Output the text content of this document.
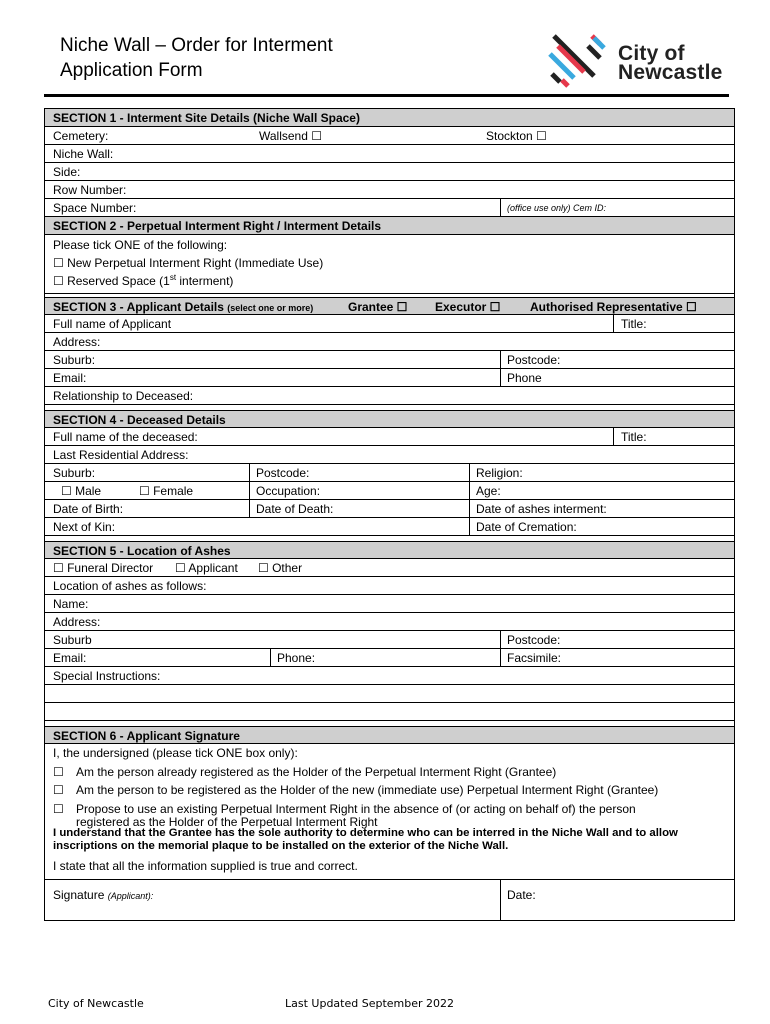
Niche Wall – Order for Interment
Application Form
City of
Newcastle
SECTION 1 - Interment Site Details (Niche Wall Space)
Cemetery:	Wallsend ☐	Stockton ☐
Niche Wall:
Side:
Row Number:
Space Number:	(office use only) Cem ID:
SECTION 2 - Perpetual Interment Right / Interment Details
Please tick ONE of the following:
☐ New Perpetual Interment Right (Immediate Use)
☐ Reserved Space (1st interment)
SECTION 3 - Applicant Details (select one or more)	Grantee ☐ Executor ☐ Authorised Representative ☐
Full name of Applicant	Title:
Address:
Suburb:	Postcode:
Email:	Phone
Relationship to Deceased:
SECTION 4 - Deceased Details
Full name of the deceased:	Title:
Last Residential Address:
Suburb:	Postcode:	Religion:
☐ Male	☐ Female	Occupation:	Age:
Date of Birth:	Date of Death:	Date of ashes interment:
Next of Kin:	Date of Cremation:
SECTION 5 - Location of Ashes
☐ Funeral Director ☐ Applicant ☐ Other
Location of ashes as follows:
Name:
Address:
Suburb	Postcode:
Email:	Phone:	Facsimile:
Special Instructions:
SECTION 6 - Applicant Signature
I, the undersigned (please tick ONE box only):
☐ Am the person already registered as the Holder of the Perpetual Interment Right (Grantee)
☐ Am the person to be registered as the Holder of the new (immediate use) Perpetual Interment Right (Grantee)
☐ Propose to use an existing Perpetual Interment Right in the absence of (or acting on behalf of) the person
registered as the Holder of the Perpetual Interment Right
I understand that the Grantee has the sole authority to determine who can be interred in the Niche Wall and to allow
inscriptions on the memorial plaque to be installed on the exterior of the Niche Wall.
I state that all the information supplied is true and correct.
Signature (Applicant):	Date:
City of Newcastle	Last Updated September 2022
